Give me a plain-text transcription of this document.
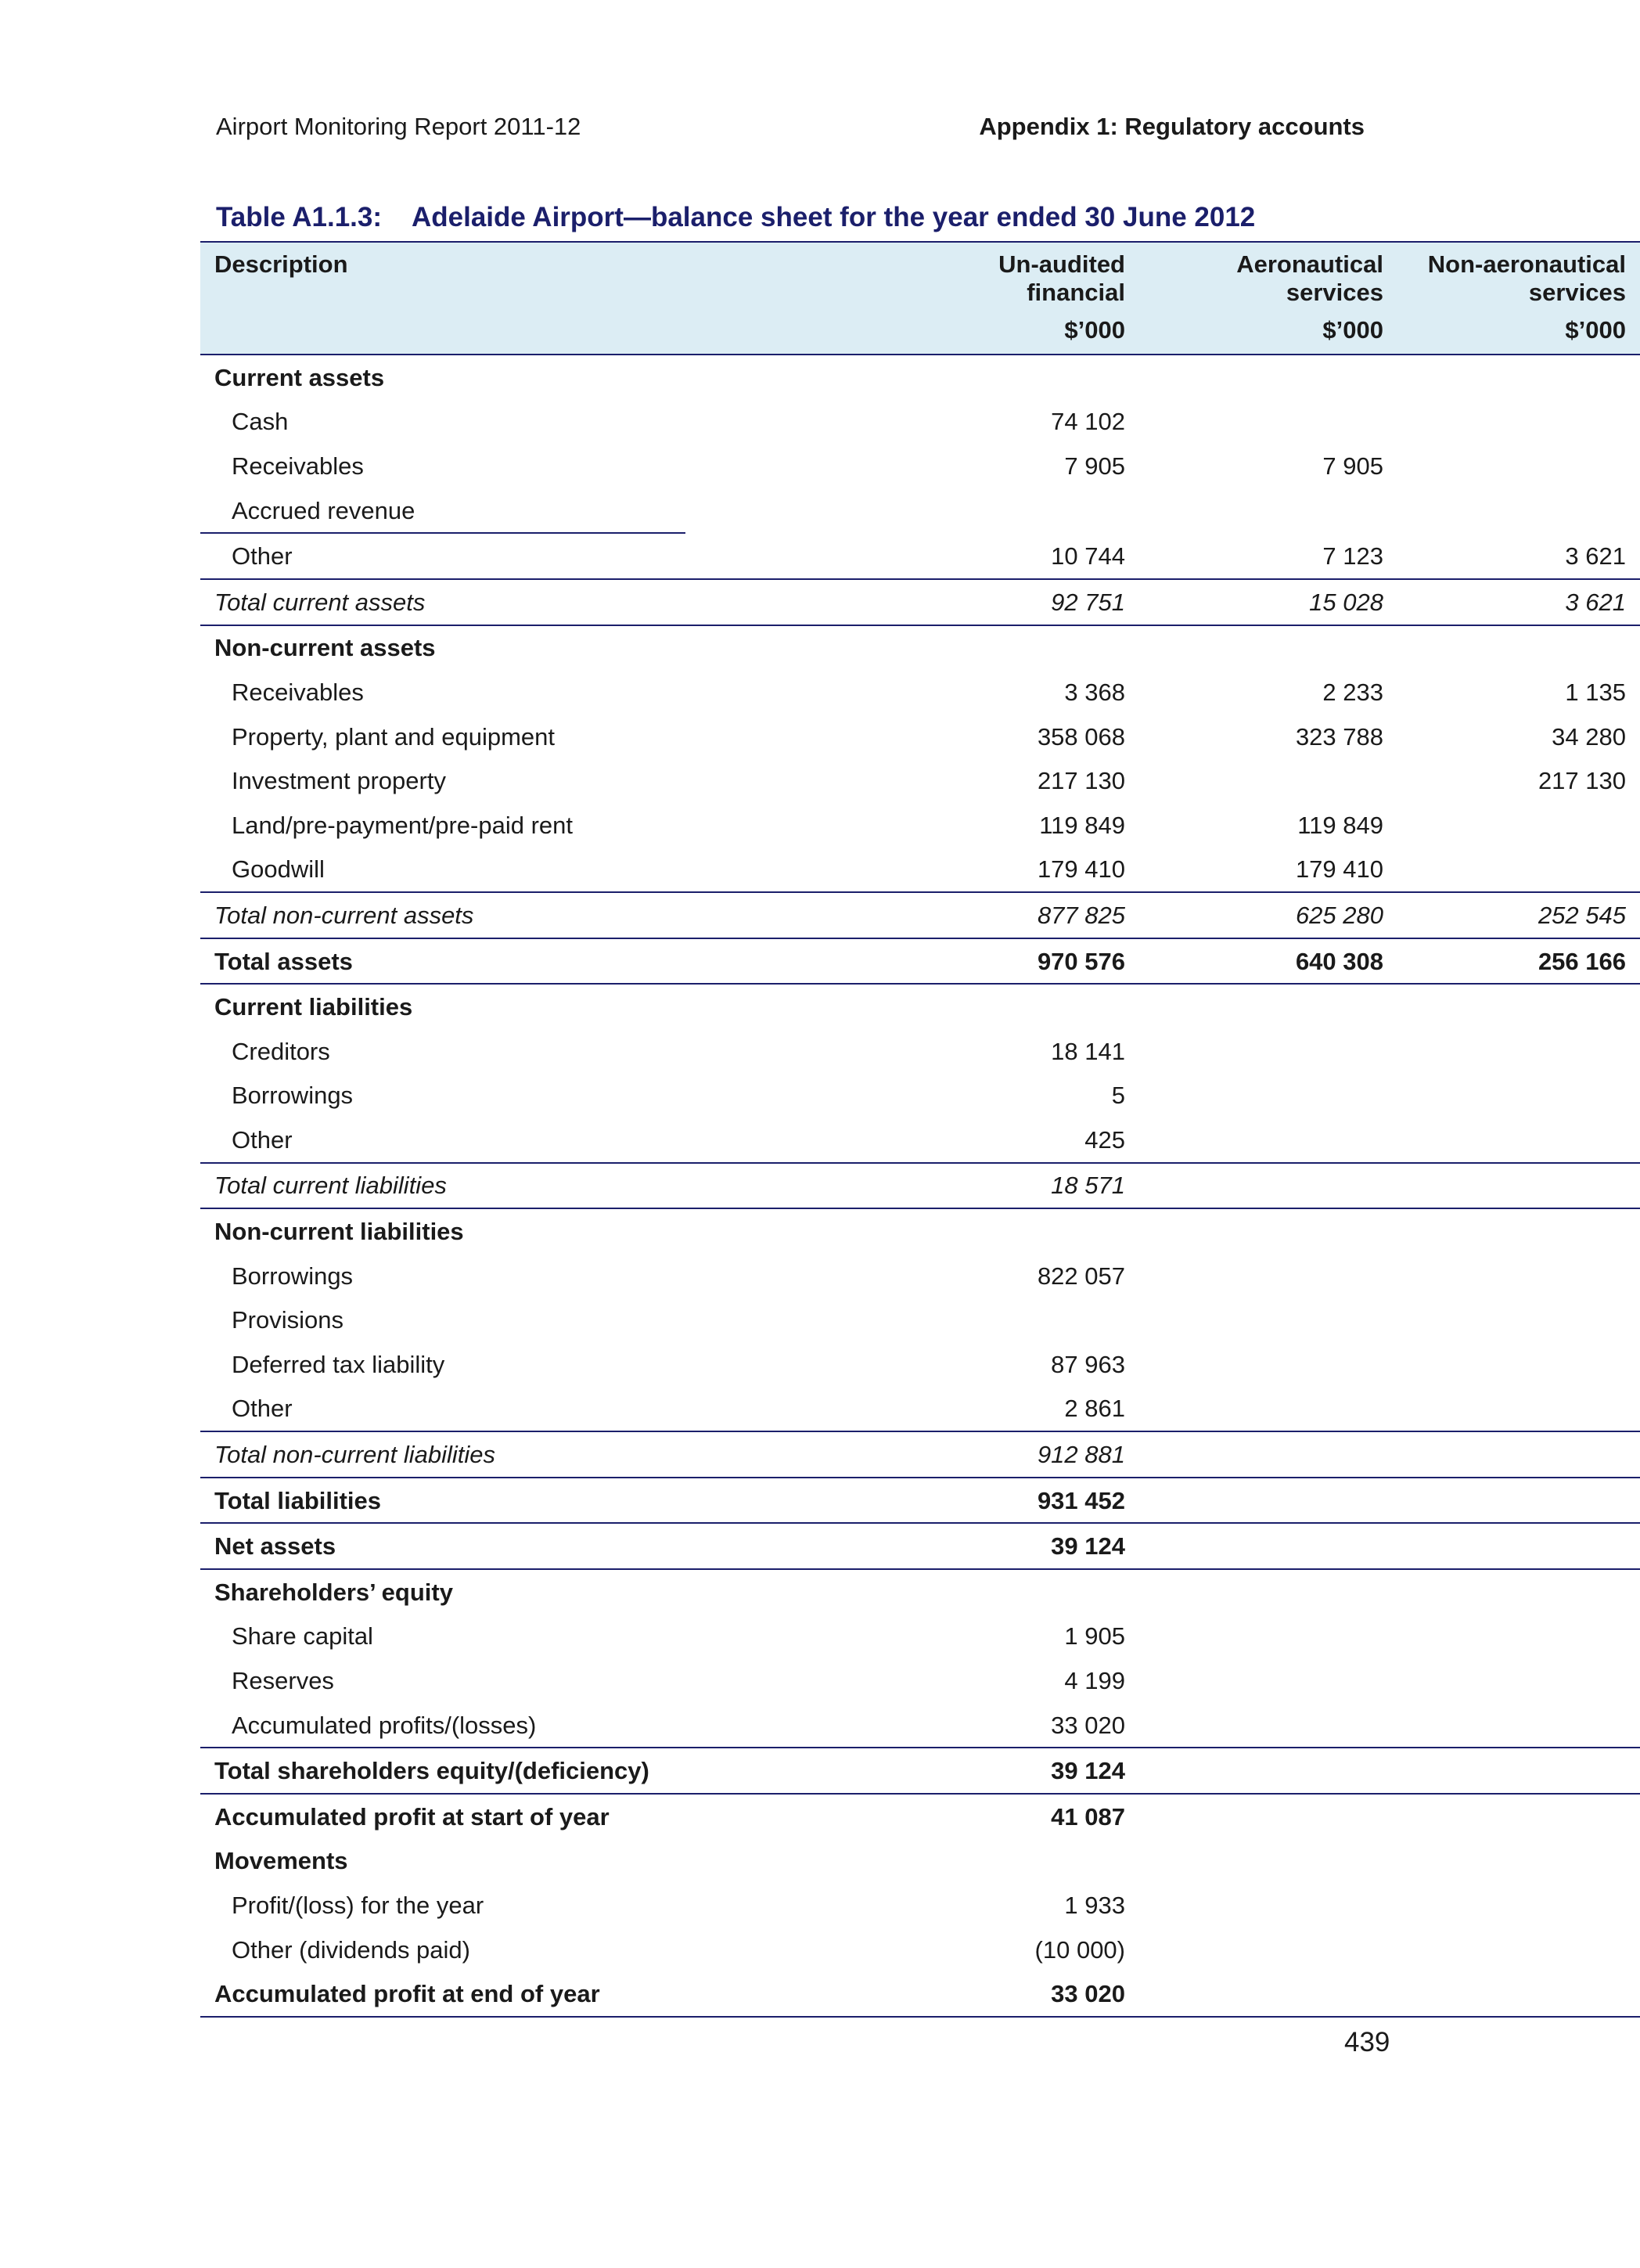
Airport Monitoring Report 2011-12	Appendix 1: Regulatory accounts
Table A1.1.3: Adelaide Airport—balance sheet for the year ended 30 June 2012
Description	Un-audited financial	Aeronautical services	Non-aeronautical services
	$’000	$’000	$’000
Current assets			
Cash	74 102		
Receivables	7 905	7 905	
Accrued revenue			
Other	10 744	7 123	3 621
Total current assets	92 751	15 028	3 621
Non-current assets			
Receivables	3 368	2 233	1 135
Property, plant and equipment	358 068	323 788	34 280
Investment property	217 130		217 130
Land/pre-payment/pre-paid rent	119 849	119 849	
Goodwill	179 410	179 410	
Total non-current assets	877 825	625 280	252 545
Total assets	970 576	640 308	256 166
Current liabilities			
Creditors	18 141		
Borrowings	5		
Other	425		
Total current liabilities	18 571		
Non-current liabilities			
Borrowings	822 057		
Provisions			
Deferred tax liability	87 963		
Other	2 861		
Total non-current liabilities	912 881		
Total liabilities	931 452		
Net assets	39 124		
Shareholders’ equity			
Share capital	1 905		
Reserves	4 199		
Accumulated profits/(losses)	33 020		
Total shareholders equity/(deficiency)	39 124		
Accumulated profit at start of year	41 087		
Movements			
Profit/(loss) for the year	1 933		
Other (dividends paid)	(10 000)		
Accumulated profit at end of year	33 020		
439
